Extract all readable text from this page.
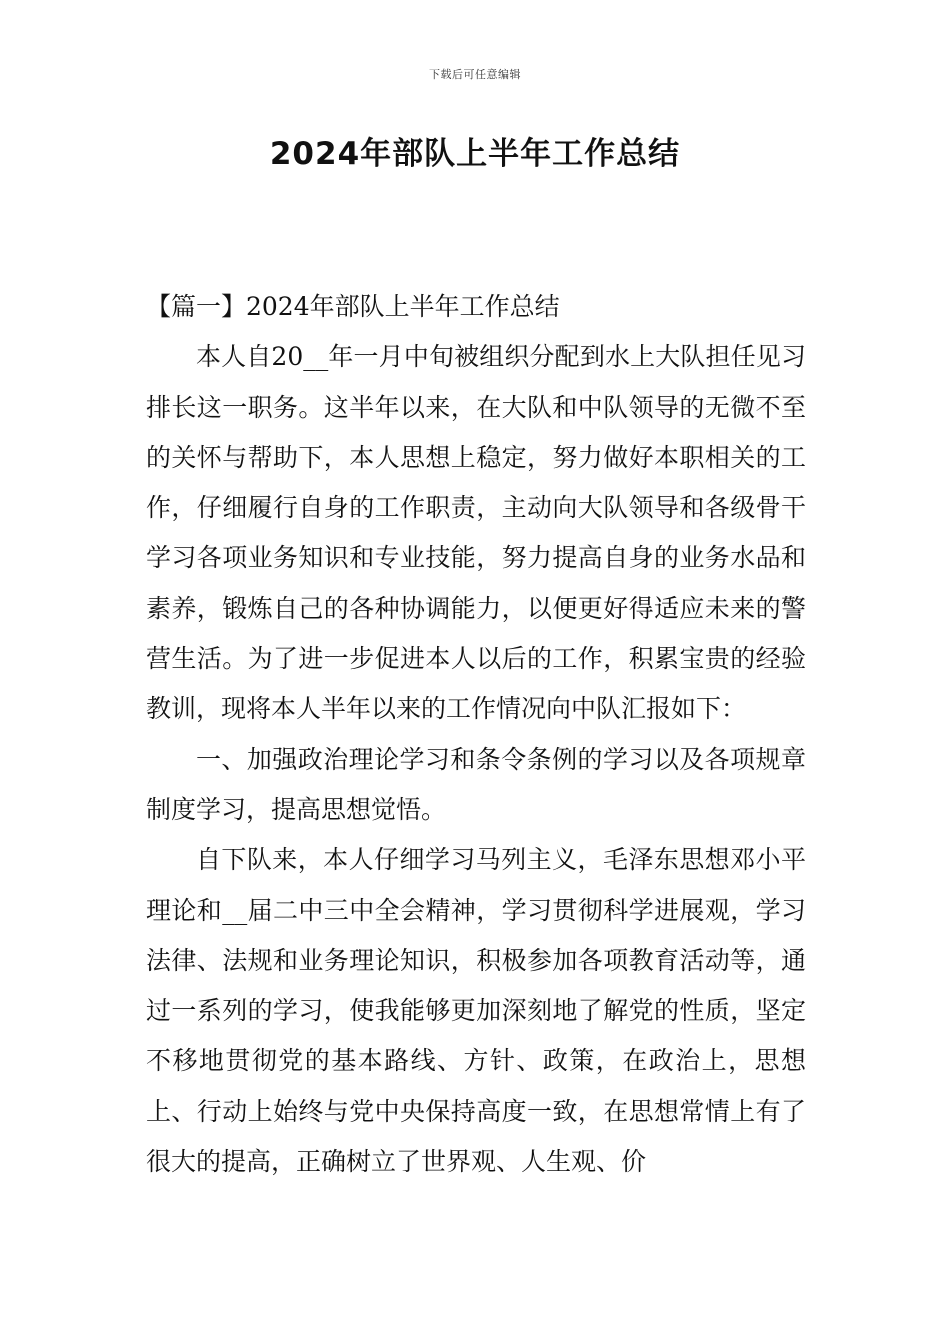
下载后可任意编辑
2024年部队上半年工作总结

【篇一】2024年部队上半年工作总结

本人自20__年一月中旬被组织分配到水上大队担任见习排长这一职务。这半年以来，在大队和中队领导的无微不至的关怀与帮助下，本人思想上稳定，努力做好本职相关的工作，仔细履行自身的工作职责，主动向大队领导和各级骨干学习各项业务知识和专业技能，努力提高自身的业务水品和素养，锻炼自己的各种协调能力，以便更好得适应未来的警营生活。为了进一步促进本人以后的工作，积累宝贵的经验教训，现将本人半年以来的工作情况向中队汇报如下：

一、加强政治理论学习和条令条例的学习以及各项规章制度学习，提高思想觉悟。

自下队来，本人仔细学习马列主义，毛泽东思想邓小平理论和__届二中三中全会精神，学习贯彻科学进展观，学习法律、法规和业务理论知识，积极参加各项教育活动等，通过一系列的学习，使我能够更加深刻地了解党的性质，坚定不移地贯彻党的基本路线、方针、政策，在政治上，思想上、行动上始终与党中央保持高度一致，在思想常情上有了很大的提高，正确树立了世界观、人生观、价
